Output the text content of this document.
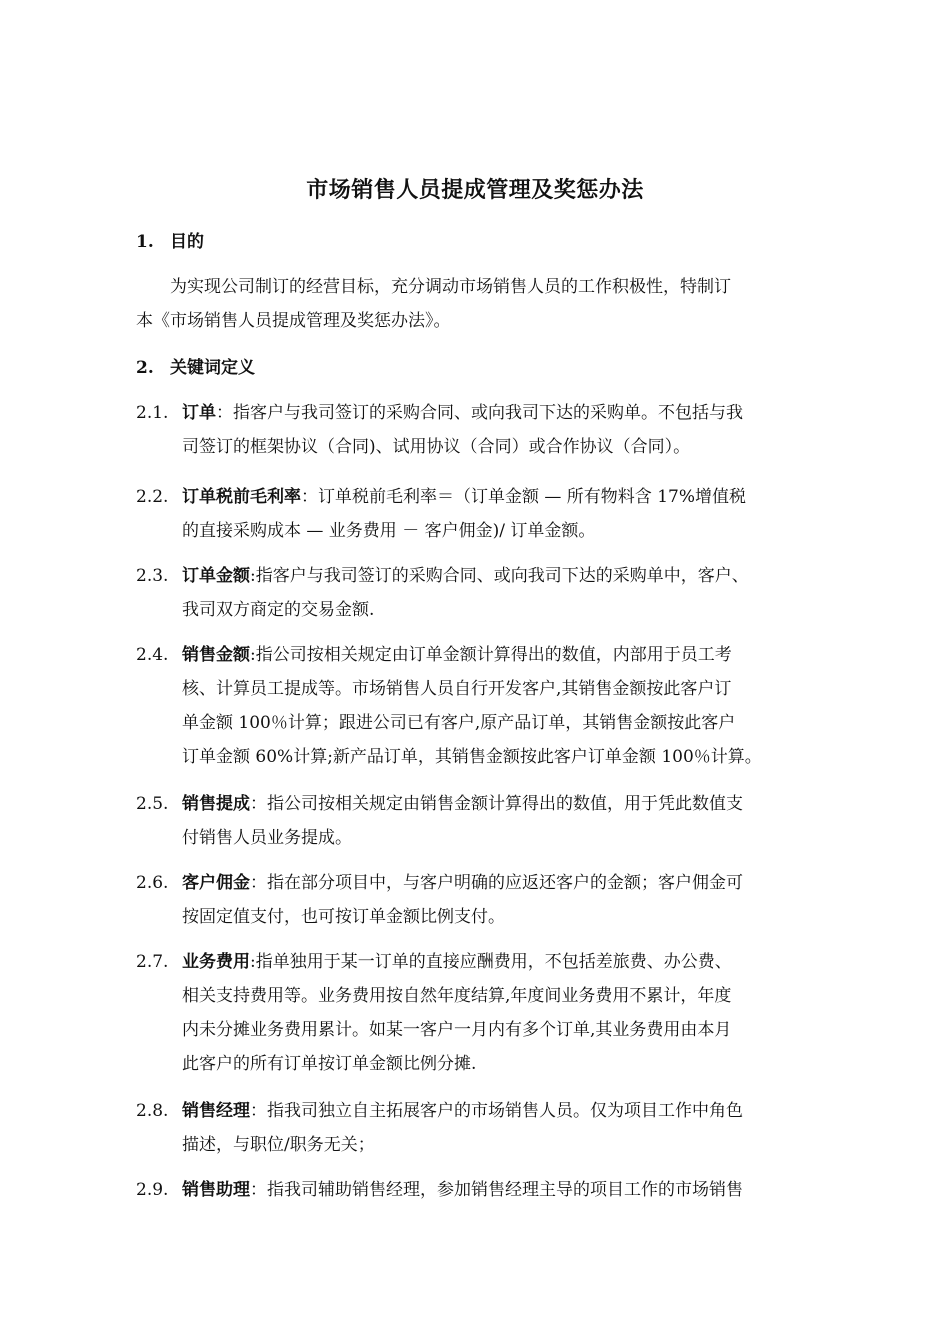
市场销售人员提成管理及奖惩办法
1. 目的
为实现公司制订的经营目标，充分调动市场销售人员的工作积极性，特制订
本《市场销售人员提成管理及奖惩办法》。
2. 关键词定义
2.1. 订单：指客户与我司签订的采购合同、或向我司下达的采购单。不包括与我
司签订的框架协议（合同)、试用协议（合同）或合作协议（合同）。
2.2. 订单税前毛利率：订单税前毛利率＝（订单金额 — 所有物料含 17%增值税
的直接采购成本 — 业务费用 － 客户佣金)/ 订单金额。
2.3. 订单金额:指客户与我司签订的采购合同、或向我司下达的采购单中，客户、
我司双方商定的交易金额.
2.4. 销售金额:指公司按相关规定由订单金额计算得出的数值，内部用于员工考
核、计算员工提成等。市场销售人员自行开发客户,其销售金额按此客户订
单金额 100％计算；跟进公司已有客户,原产品订单，其销售金额按此客户
订单金额 60%计算;新产品订单，其销售金额按此客户订单金额 100％计算。
2.5. 销售提成：指公司按相关规定由销售金额计算得出的数值，用于凭此数值支
付销售人员业务提成。
2.6. 客户佣金：指在部分项目中，与客户明确的应返还客户的金额；客户佣金可
按固定值支付，也可按订单金额比例支付。
2.7. 业务费用:指单独用于某一订单的直接应酬费用，不包括差旅费、办公费、
相关支持费用等。业务费用按自然年度结算,年度间业务费用不累计，年度
内未分摊业务费用累计。如某一客户一月内有多个订单,其业务费用由本月
此客户的所有订单按订单金额比例分摊.
2.8. 销售经理：指我司独立自主拓展客户的市场销售人员。仅为项目工作中角色
描述，与职位/职务无关；
2.9. 销售助理：指我司辅助销售经理，参加销售经理主导的项目工作的市场销售
